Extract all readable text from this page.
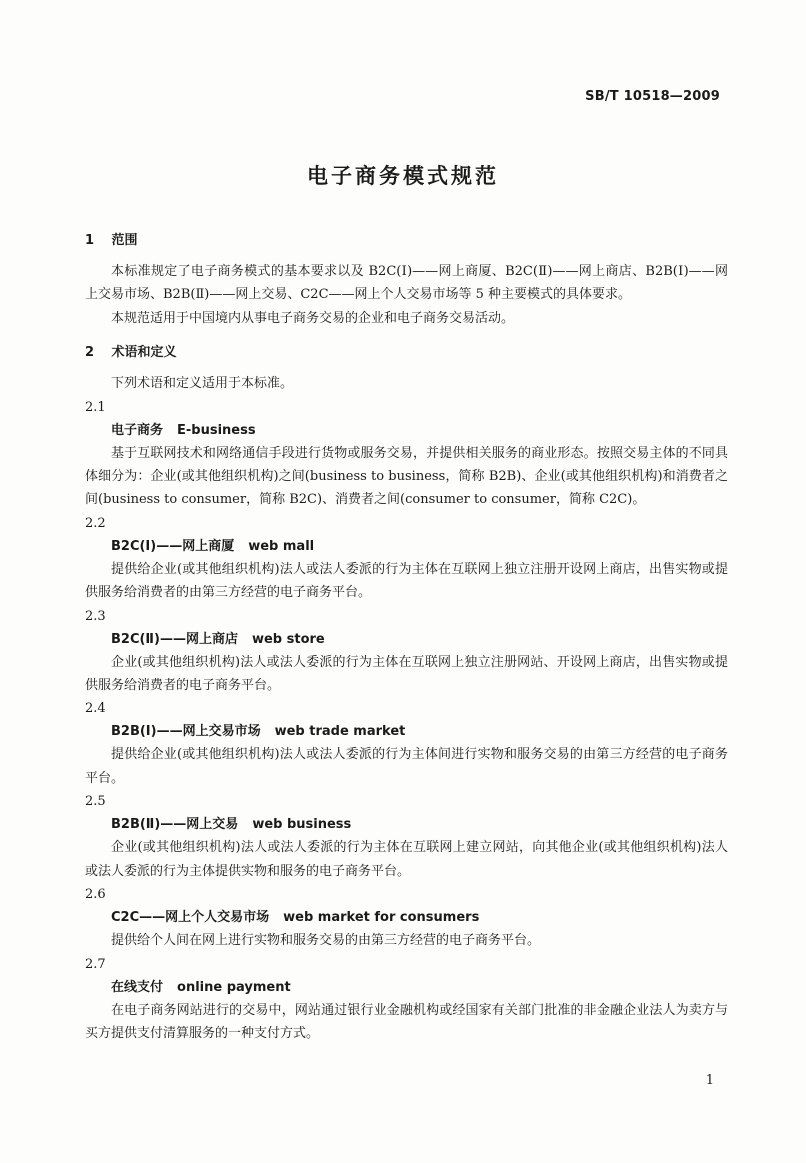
SB/T 10518—2009
电子商务模式规范
1 范围

本标准规定了电子商务模式的基本要求以及 B2C(Ⅰ)——网上商厦、B2C(Ⅱ)——网上商店、B2B(Ⅰ)——网上交易市场、B2B(Ⅱ)——网上交易、C2C——网上个人交易市场等 5 种主要模式的具体要求。

本规范适用于中国境内从事电子商务交易的企业和电子商务交易活动。

2 术语和定义

下列术语和定义适用于本标准。

2.1
电子商务 E-business

基于互联网技术和网络通信手段进行货物或服务交易，并提供相关服务的商业形态。按照交易主体的不同具体细分为：企业(或其他组织机构)之间(business to business，简称 B2B)、企业(或其他组织机构)和消费者之间(business to consumer，简称 B2C)、消费者之间(consumer to consumer，简称 C2C)。

2.2
B2C(Ⅰ)——网上商厦 web mall

提供给企业(或其他组织机构)法人或法人委派的行为主体在互联网上独立注册开设网上商店，出售实物或提供服务给消费者的由第三方经营的电子商务平台。

2.3
B2C(Ⅱ)——网上商店 web store

企业(或其他组织机构)法人或法人委派的行为主体在互联网上独立注册网站、开设网上商店，出售实物或提供服务给消费者的电子商务平台。

2.4
B2B(Ⅰ)——网上交易市场 web trade market

提供给企业(或其他组织机构)法人或法人委派的行为主体间进行实物和服务交易的由第三方经营的电子商务平台。

2.5
B2B(Ⅱ)——网上交易 web business

企业(或其他组织机构)法人或法人委派的行为主体在互联网上建立网站，向其他企业(或其他组织机构)法人或法人委派的行为主体提供实物和服务的电子商务平台。

2.6
C2C——网上个人交易市场 web market for consumers

提供给个人间在网上进行实物和服务交易的由第三方经营的电子商务平台。

2.7
在线支付 online payment

在电子商务网站进行的交易中，网站通过银行业金融机构或经国家有关部门批准的非金融企业法人为卖方与买方提供支付清算服务的一种支付方式。

1
